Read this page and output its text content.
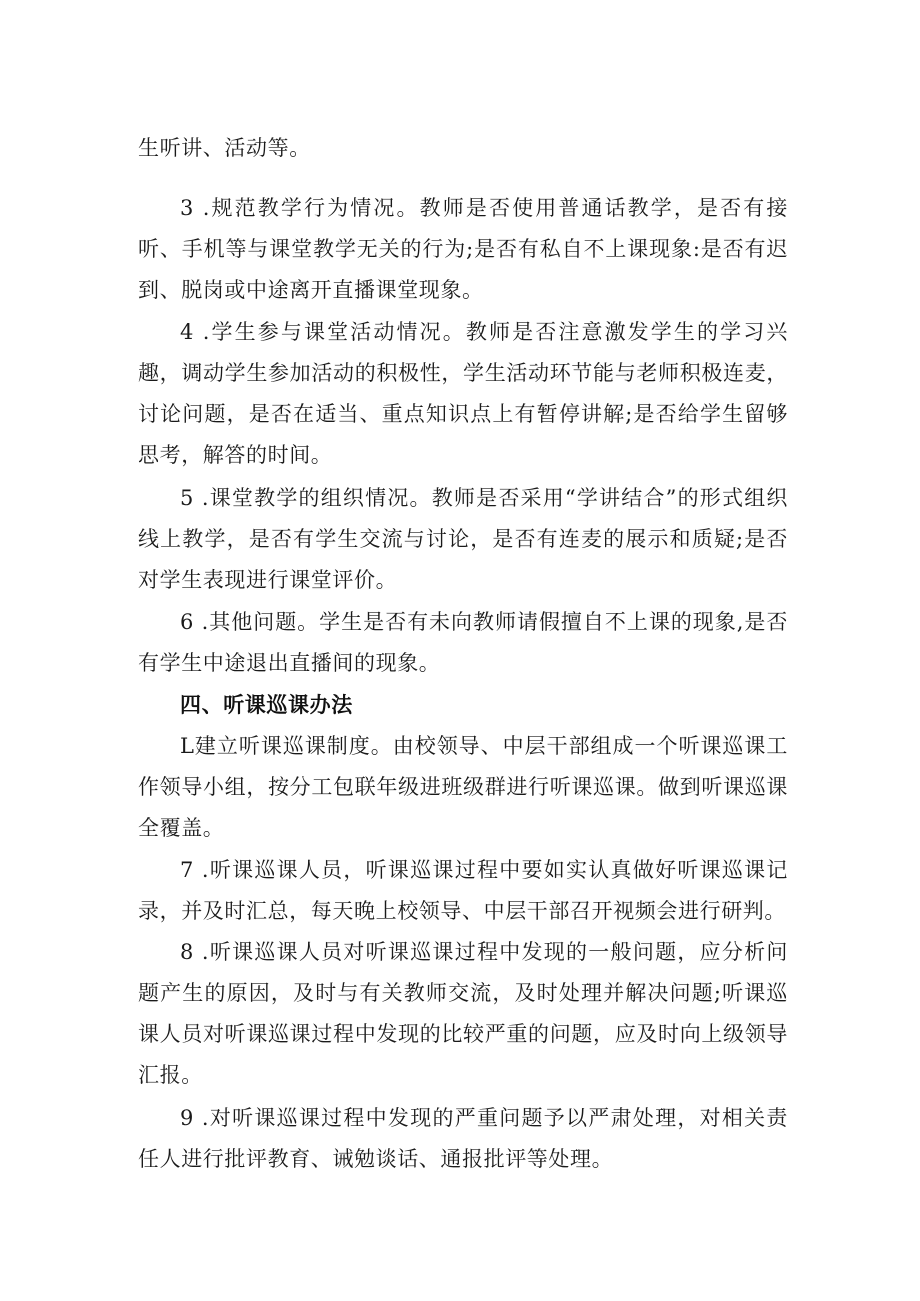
生听讲、活动等。

3 .规范教学行为情况。教师是否使用普通话教学，是否有接听、手机等与课堂教学无关的行为;是否有私自不上课现象:是否有迟到、脱岗或中途离开直播课堂现象。

4 .学生参与课堂活动情况。教师是否注意激发学生的学习兴趣，调动学生参加活动的积极性，学生活动环节能与老师积极连麦，讨论问题，是否在适当、重点知识点上有暂停讲解;是否给学生留够思考，解答的时间。

5 .课堂教学的组织情况。教师是否采用“学讲结合”的形式组织线上教学，是否有学生交流与讨论，是否有连麦的展示和质疑;是否对学生表现进行课堂评价。

6 .其他问题。学生是否有未向教师请假擅自不上课的现象,是否有学生中途退出直播间的现象。

四、听课巡课办法

L建立听课巡课制度。由校领导、中层干部组成一个听课巡课工作领导小组，按分工包联年级进班级群进行听课巡课。做到听课巡课全覆盖。

7 .听课巡课人员，听课巡课过程中要如实认真做好听课巡课记录，并及时汇总，每天晚上校领导、中层干部召开视频会进行研判。

8 .听课巡课人员对听课巡课过程中发现的一般问题，应分析问题产生的原因，及时与有关教师交流，及时处理并解决问题;听课巡课人员对听课巡课过程中发现的比较严重的问题，应及时向上级领导汇报。

9 .对听课巡课过程中发现的严重问题予以严肃处理，对相关责任人进行批评教育、诫勉谈话、通报批评等处理。
